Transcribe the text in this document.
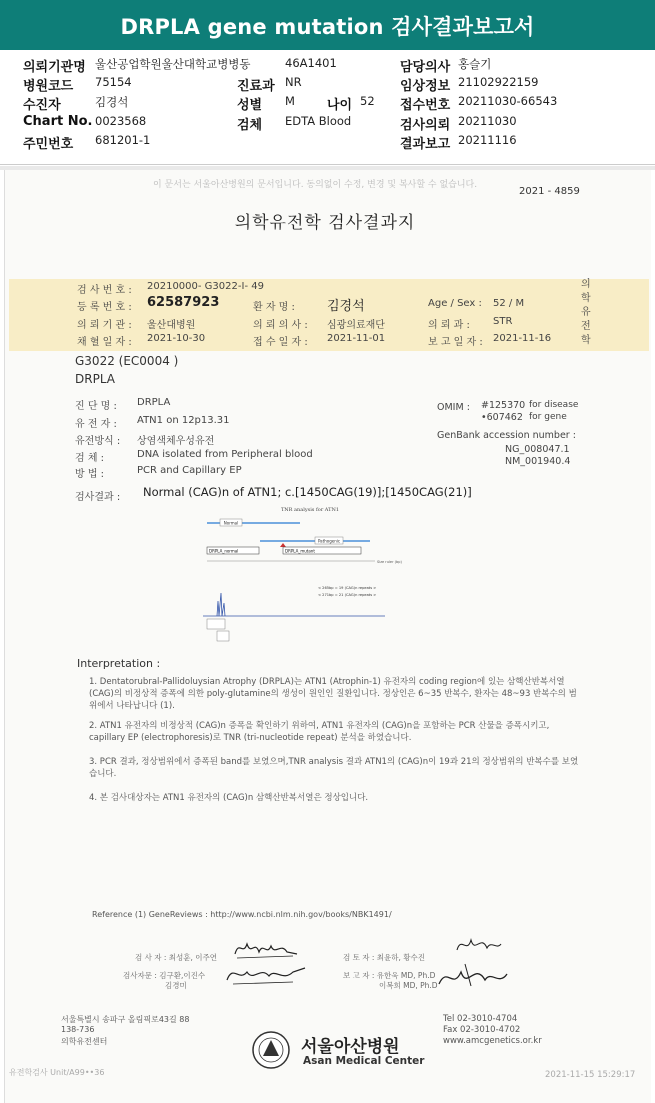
DRPLA gene mutation 검사결과보고서
의뢰기관명 울산공업학원울산대학교병병동	46A1401	담당의사 홍슬기
병원코드 75154	진료과 NR	임상정보 21102922159
수진자	김경석	성별 M 나이 52 접수번호 20211030-66543
Chart No. 0023568	검체 EDTA Blood	검사의뢰 20211030
주민번호 681201-1	결과보고 20211116
이 문서는 서울아산병원의 문서입니다. 동의없이 수정, 변경 및 복사할 수 없습니다.
2021 - 4859
의학유전학 검사결과지
검 사 번 호 : 20210000- G3022-I- 49
등 록 번 호 : 62587923	환 자 명 : 김경석	Age / Sex : 52 / M
의 뢰 기 관 : 울산대병원	의 뢰 의 사 : 심광의료재단	의 뢰 과 : STR
채 혈 일 자 : 2021-10-30	접 수 일 자 : 2021-11-01	보 고 일 자 : 2021-11-16
의
학
유
전
학
G3022 (EC0004 )
DRPLA
진 단 명 : DRPLA
유 전 자 : ATN1 on 12p13.31
유전방식 : 상염색체우성유전
검 체 :	DNA isolated from Peripheral blood
방 법 :	PCR and Capillary EP
OMIM : #125370 for disease
•607462 for gene
GenBank accession number :
NG_008047.1
NM_001940.4
검사결과 : Normal (CAG)n of ATN1; c.[1450CAG(19)];[1450CAG(21)]
TNR analysis for ATN1
Normal
Pathogenic
DRPLA_normal	DRPLA_mutant
Size ruler (bp)
< 265bp = 19 (CAG)n repeats >
< 271bp = 21 (CAG)n repeats >
Interpretation :
1. Dentatorubral-Pallidoluysian Atrophy (DRPLA)는 ATN1 (Atrophin-1) 유전자의 coding region에 있는 삼핵산반복서열 (CAG)의 비정상적 증폭에 의한 poly-glutamine의 생성이 원인인 질환입니다. 정상인은 6~35 반복수, 환자는 48~93 반복수의 범위에서 나타납니다 (1).
2. ATN1 유전자의 비정상적 (CAG)n 증폭을 확인하기 위하여, ATN1 유전자의 (CAG)n을 포함하는 PCR 산물을 증폭시키고, capillary EP (electrophoresis)로 TNR (tri-nucleotide repeat) 분석을 하였습니다.
3. PCR 결과, 정상범위에서 증폭된 band를 보였으며,TNR analysis 결과 ATN1의 (CAG)n이 19과 21의 정상범위의 반복수를 보였습니다.
4. 본 검사대상자는 ATN1 유전자의 (CAG)n 삼핵산반복서열은 정상입니다.
Reference (1) GeneReviews : http://www.ncbi.nlm.nih.gov/books/NBK1491/
검 사 자 : 최성훈, 이주연	검 토 자 : 최윤하, 황수진
검사자문 : 김구환,이진수
김경미
보 고 자 : 유한욱 MD, Ph.D
이복희 MD, Ph.D
서울특별시 송파구 올림픽로43길 88
138-736
의학유전센터	서울아산병원
Asan Medical Center
Tel 02-3010-4704
Fax 02-3010-4702
www.amcgenetics.or.kr
유전학검사 Unit/A99••36	2021-11-15 15:29:17
